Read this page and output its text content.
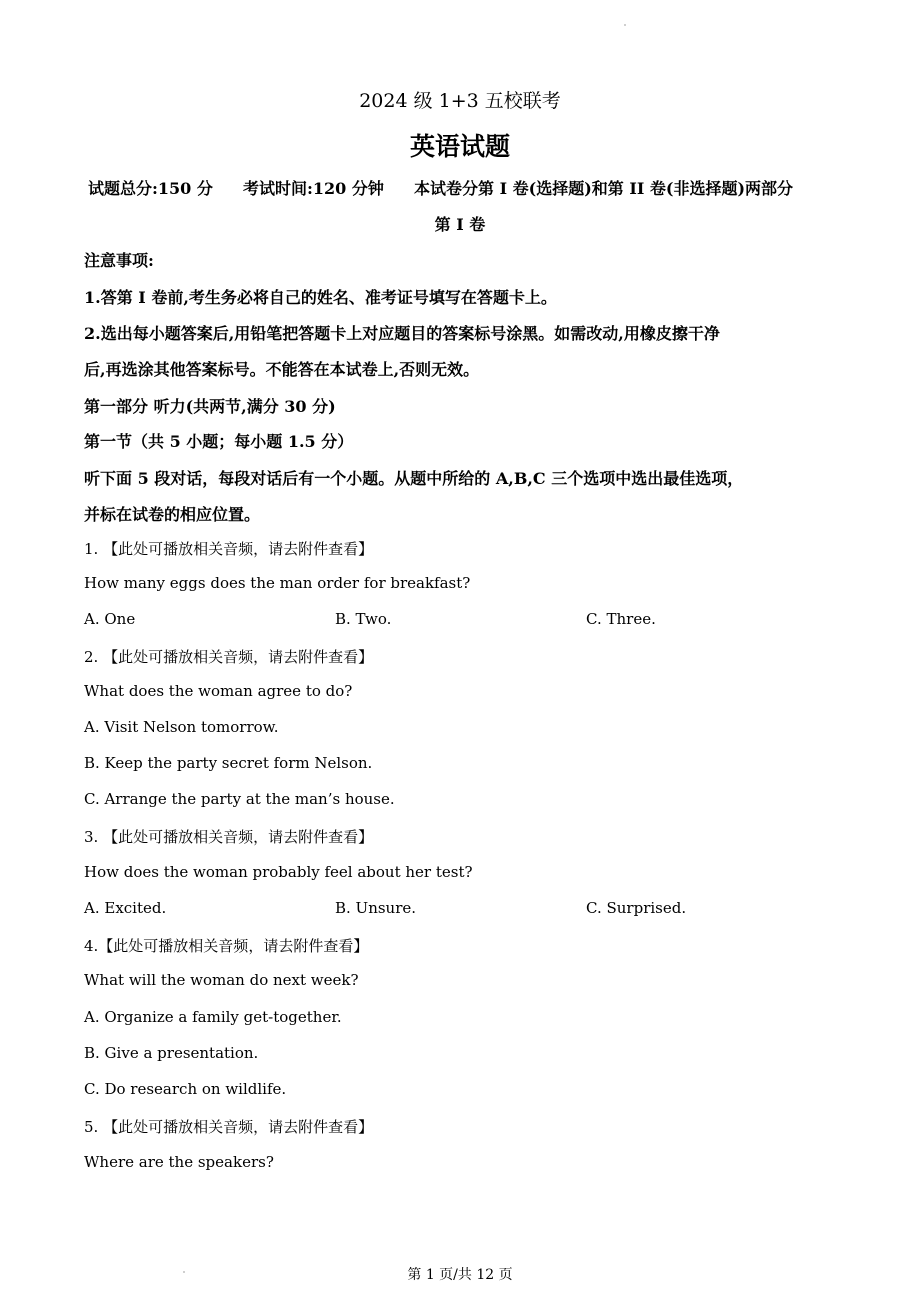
2024 级 1+3 五校联考
英语试题
试题总分:150 分 考试时间:120 分钟 本试卷分第 I 卷(选择题)和第 II 卷(非选择题)两部分
第 I 卷
注意事项:
1.答第 I 卷前,考生务必将自己的姓名、准考证号填写在答题卡上。
2.选出每小题答案后,用铅笔把答题卡上对应题目的答案标号涂黑。如需改动,用橡皮擦干净
后,再选涂其他答案标号。不能答在本试卷上,否则无效。
第一部分 听力(共两节,满分 30 分)
第一节（共 5 小题；每小题 1.5 分）
听下面 5 段对话，每段对话后有一个小题。从题中所给的 A,B,C 三个选项中选出最佳选项，
并标在试卷的相应位置。
1. 【此处可播放相关音频，请去附件查看】
How many eggs does the man order for breakfast?
A. One	B. Two.	C. Three.
2. 【此处可播放相关音频，请去附件查看】
What does the woman agree to do?
A. Visit Nelson tomorrow.
B. Keep the party secret form Nelson.
C. Arrange the party at the man’s house.
3. 【此处可播放相关音频，请去附件查看】
How does the woman probably feel about her test?
A. Excited.	B. Unsure.	C. Surprised.
4.【此处可播放相关音频，请去附件查看】
What will the woman do next week?
A. Organize a family get-together.
B. Give a presentation.
C. Do research on wildlife.
5. 【此处可播放相关音频，请去附件查看】
Where are the speakers?
第 1 页/共 12 页
